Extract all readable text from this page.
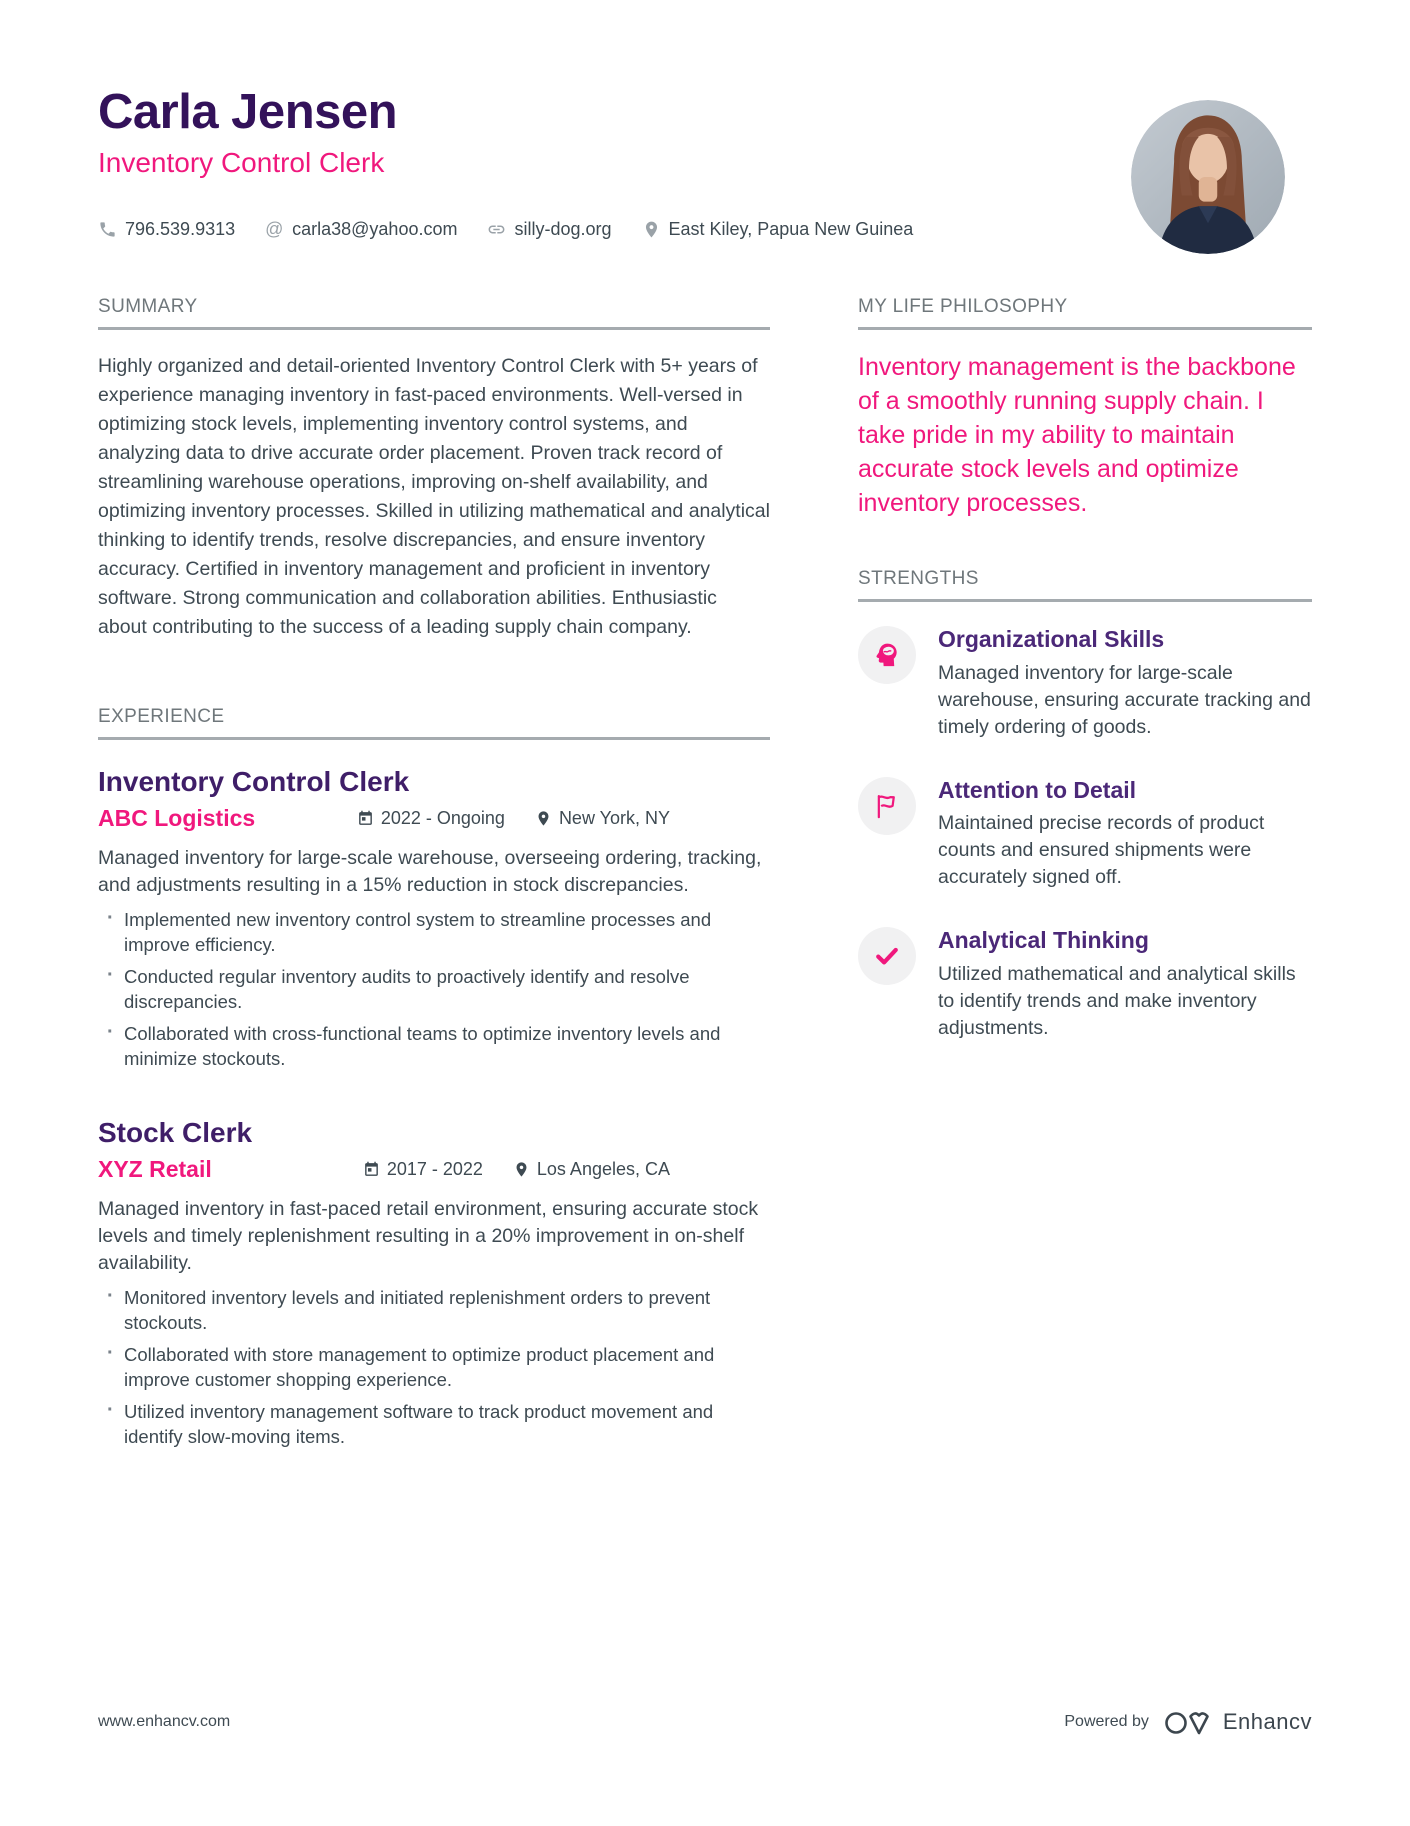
Carla Jensen
Inventory Control Clerk
796.539.9313 @ carla38@yahoo.com	silly-dog.org	East Kiley, Papua New Guinea
SUMMARY

Highly organized and detail-oriented Inventory Control Clerk with 5+ years of experience managing inventory in fast-paced environments. Well-versed in optimizing stock levels, implementing inventory control systems, and analyzing data to drive accurate order placement. Proven track record of streamlining warehouse operations, improving on-shelf availability, and optimizing inventory processes. Skilled in utilizing mathematical and analytical thinking to identify trends, resolve discrepancies, and ensure inventory accuracy. Certified in inventory management and proficient in inventory software. Strong communication and collaboration abilities. Enthusiastic about contributing to the success of a leading supply chain company.

EXPERIENCE
Inventory Control Clerk
ABC Logistics	2022 - Ongoing	New York, NY

Managed inventory for large-scale warehouse, overseeing ordering, tracking, and adjustments resulting in a 15% reduction in stock discrepancies.

· Implemented new inventory control system to streamline processes and improve efficiency.
· Conducted regular inventory audits to proactively identify and resolve discrepancies.
· Collaborated with cross-functional teams to optimize inventory levels and minimize stockouts.
Stock Clerk
XYZ Retail	2017 - 2022	Los Angeles, CA

Managed inventory in fast-paced retail environment, ensuring accurate stock levels and timely replenishment resulting in a 20% improvement in on-shelf availability.

· Monitored inventory levels and initiated replenishment orders to prevent stockouts.
· Collaborated with store management to optimize product placement and improve customer shopping experience.
· Utilized inventory management software to track product movement and identify slow-moving items.
MY LIFE PHILOSOPHY

Inventory management is the backbone of a smoothly running supply chain. I take pride in my ability to maintain accurate stock levels and optimize inventory processes.

STRENGTHS
Organizational Skills

Managed inventory for large-scale warehouse, ensuring accurate tracking and timely ordering of goods.

Attention to Detail

Maintained precise records of product counts and ensured shipments were accurately signed off.

Analytical Thinking

Utilized mathematical and analytical skills to identify trends and make inventory adjustments.

www.enhancv.com	Powered by	Enhancv
